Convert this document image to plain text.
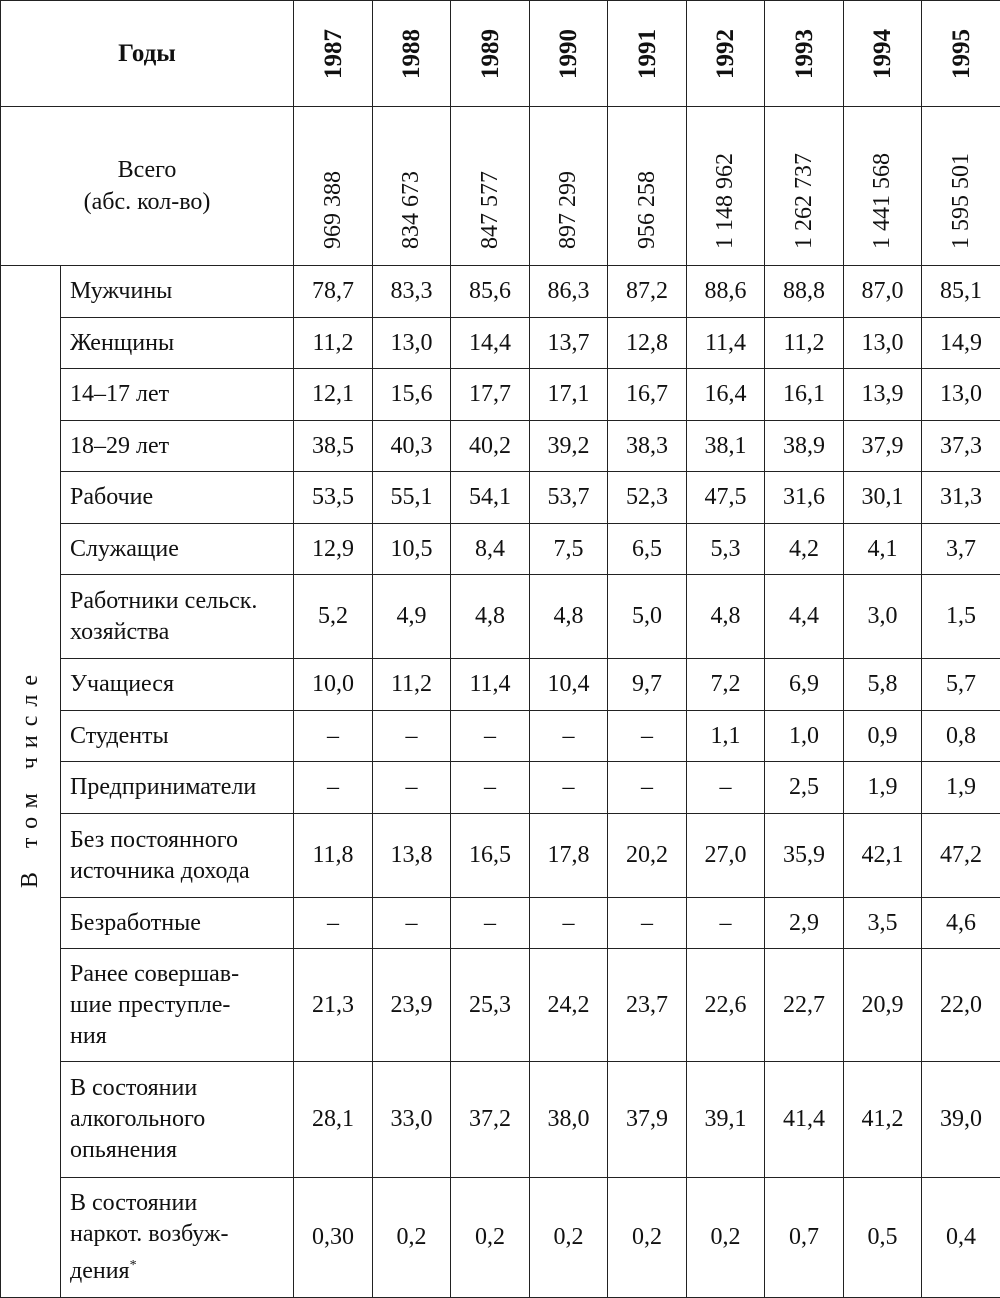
Годы		1987	1988	1989	1990	1991	1992	1993	1994	1995

Всего
(абс. кол-во)		969 388	834 673	847 577	897 299	956 258	1 148 962	1 262 737	1 441 568	1 595 501

В том числе	Мужчины	78,7	83,3	85,6	86,3	87,2	88,6	88,8	87,0	85,1

	Женщины	11,2	13,0	14,4	13,7	12,8	11,4	11,2	13,0	14,9

	14–17 лет	12,1	15,6	17,7	17,1	16,7	16,4	16,1	13,9	13,0

	18–29 лет	38,5	40,3	40,2	39,2	38,3	38,1	38,9	37,9	37,3

	Рабочие	53,5	55,1	54,1	53,7	52,3	47,5	31,6	30,1	31,3

	Служащие	12,9	10,5	8,4	7,5	6,5	5,3	4,2	4,1	3,7

	Работники сельск.
хозяйства	5,2	4,9	4,8	4,8	5,0	4,8	4,4	3,0	1,5

	Учащиеся	10,0	11,2	11,4	10,4	9,7	7,2	6,9	5,8	5,7

	Студенты	–	–	–	–	–	1,1	1,0	0,9	0,8

	Предприниматели	–	–	–	–	–	–	2,5	1,9	1,9

	Без постоянного
источника дохода	11,8	13,8	16,5	17,8	20,2	27,0	35,9	42,1	47,2

	Безработные	–	–	–	–	–	–	2,9	3,5	4,6

	Ранее совершав-
шие преступле-
ния	21,3	23,9	25,3	24,2	23,7	22,6	22,7	20,9	22,0

	В состоянии
алкогольного
опьянения	28,1	33,0	37,2	38,0	37,9	39,1	41,4	41,2	39,0

	В состоянии
наркот. возбуж-
дения*	0,30	0,2	0,2	0,2	0,2	0,2	0,7	0,5	0,4
